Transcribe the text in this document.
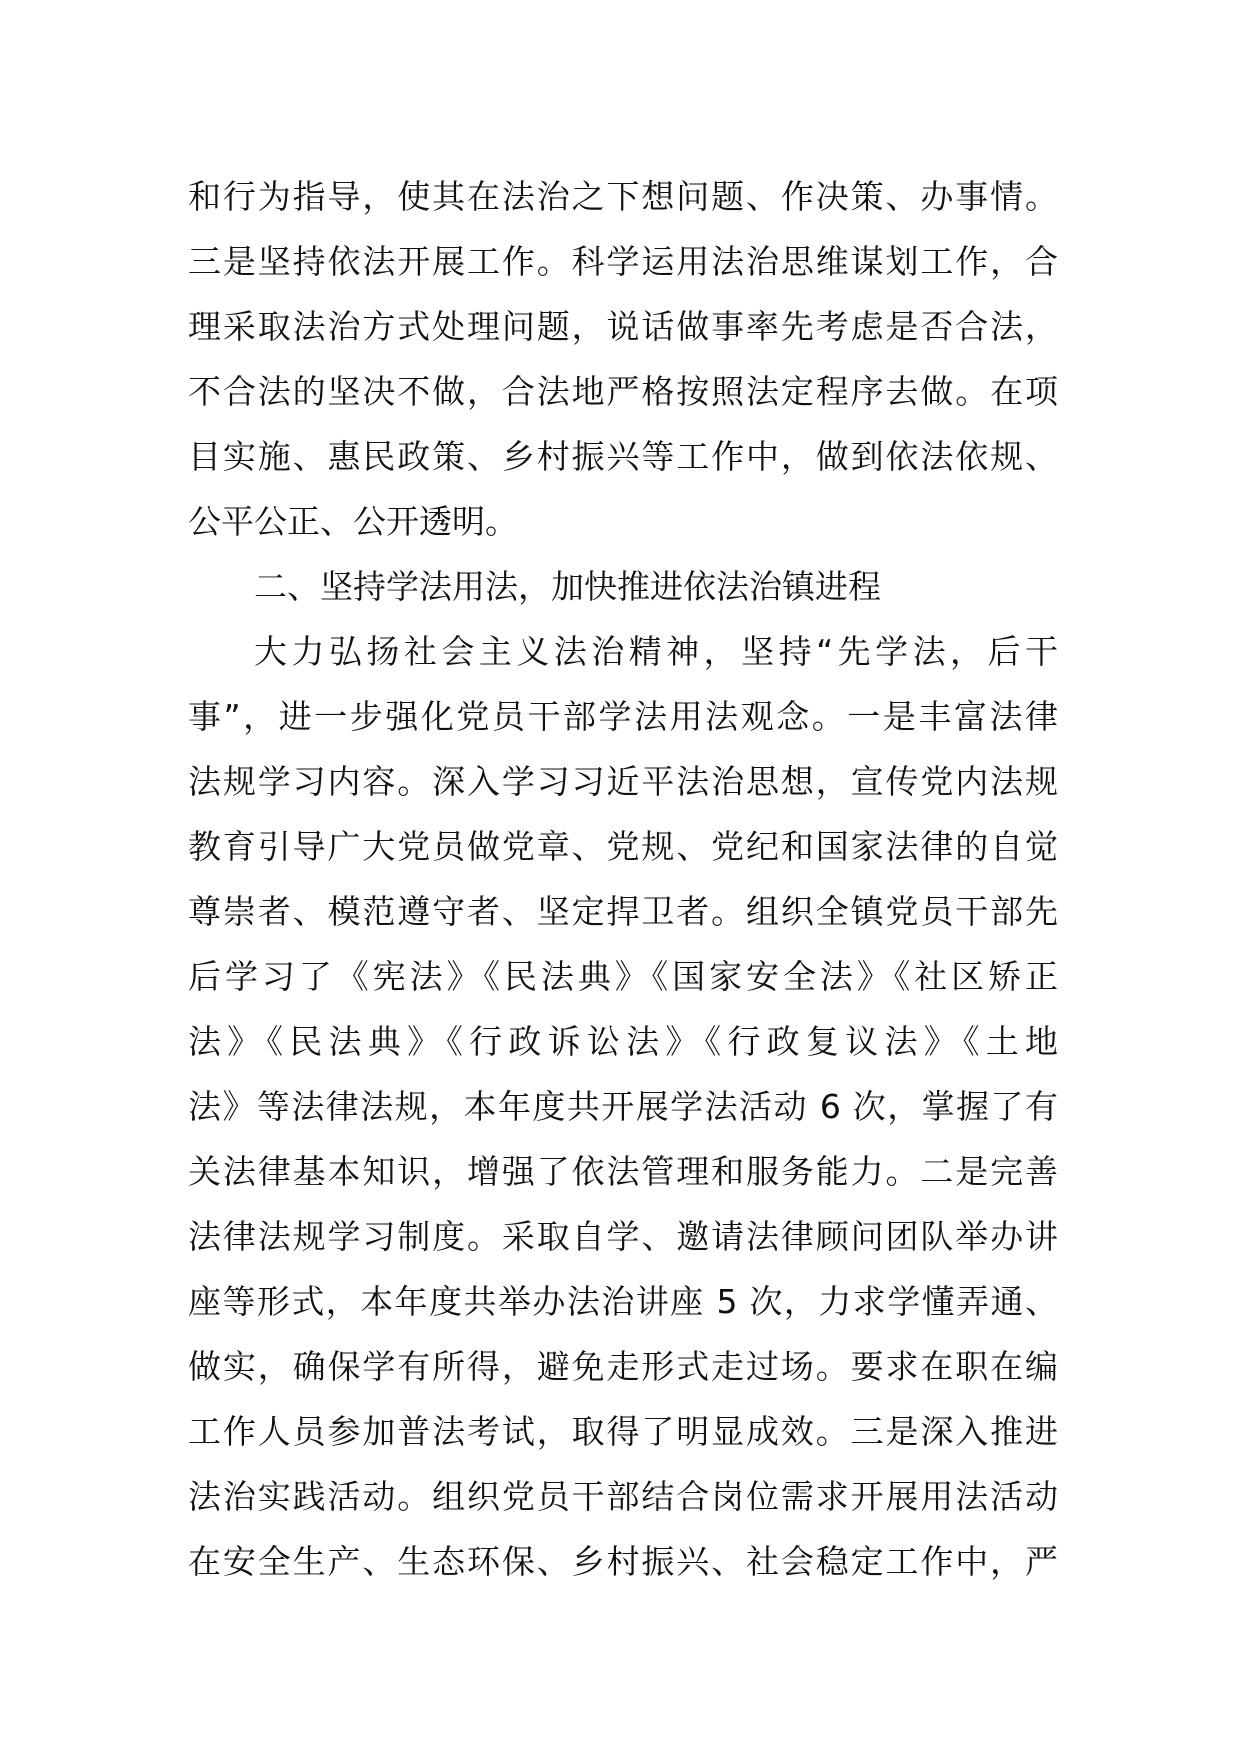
和行为指导，使其在法治之下想问题、作决策、办事情。
三是坚持依法开展工作。科学运用法治思维谋划工作，合
理采取法治方式处理问题，说话做事率先考虑是否合法，
不合法的坚决不做，合法地严格按照法定程序去做。在项
目实施、惠民政策、乡村振兴等工作中，做到依法依规、
公平公正、公开透明。
二、坚持学法用法，加快推进依法治镇进程
大力弘扬社会主义法治精神，坚持“先学法，后干
事”，进一步强化党员干部学法用法观念。一是丰富法律
法规学习内容。深入学习习近平法治思想，宣传党内法规
教育引导广大党员做党章、党规、党纪和国家法律的自觉
尊崇者、模范遵守者、坚定捍卫者。组织全镇党员干部先
后学习了《宪法》《民法典》《国家安全法》《社区矫正
法》《民法典》《行政诉讼法》《行政复议法》《土地
法》等法律法规，本年度共开展学法活动 6 次，掌握了有
关法律基本知识，增强了依法管理和服务能力。二是完善
法律法规学习制度。采取自学、邀请法律顾问团队举办讲
座等形式，本年度共举办法治讲座 5 次，力求学懂弄通、
做实，确保学有所得，避免走形式走过场。要求在职在编
工作人员参加普法考试，取得了明显成效。三是深入推进
法治实践活动。组织党员干部结合岗位需求开展用法活动
在安全生产、生态环保、乡村振兴、社会稳定工作中，严
